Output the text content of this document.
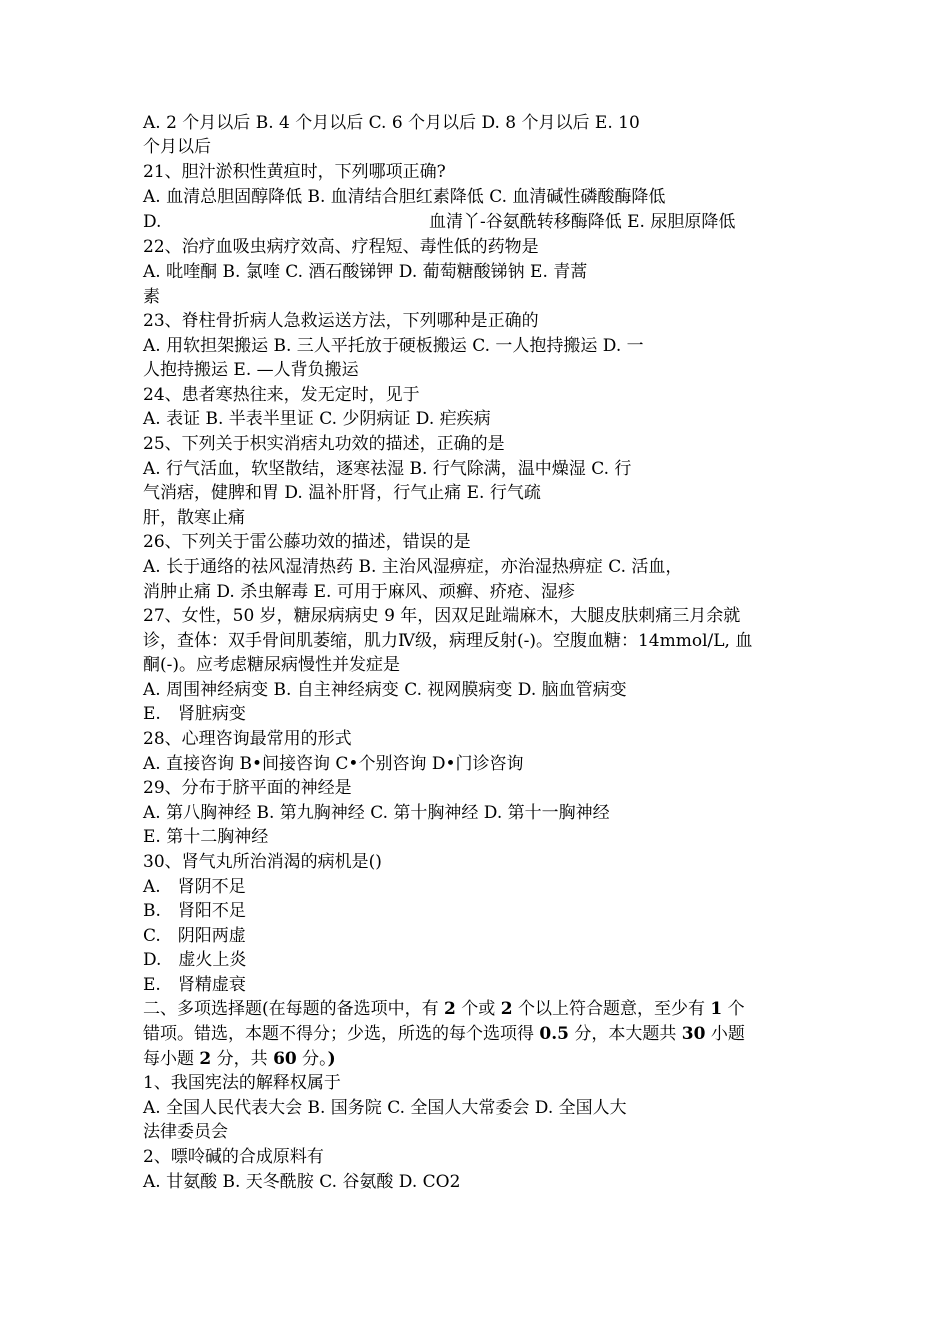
A. 2 个月以后 B. 4 个月以后 C. 6 个月以后 D. 8 个月以后 E. 10
个月以后
21、胆汁淤积性黄疸时，下列哪项正确?
A. 血清总胆固醇降低 B. 血清结合胆红素降低 C. 血清碱性磷酸酶降低
D.	血清丫-谷氨酰转移酶降低 E. 尿胆原降低
22、治疗血吸虫病疗效高、疗程短、毒性低的药物是
A. 吡喹酮 B. 氯喹 C. 酒石酸锑钾 D. 葡萄糖酸锑钠 E. 青蒿
素
23、脊柱骨折病人急救运送方法，下列哪种是正确的
A. 用软担架搬运 B. 三人平托放于硬板搬运 C. 一人抱持搬运 D. 一
人抱持搬运 E. —人背负搬运
24、患者寒热往来，发无定时，见于
A. 表证 B. 半表半里证 C. 少阴病证 D. 疟疾病
25、下列关于枳实消痞丸功效的描述，正确的是
A. 行气活血，软坚散结，逐寒祛湿 B. 行气除满，温中燥湿 C. 行
气消痞，健脾和胃 D. 温补肝肾，行气止痛 E. 行气疏
肝，散寒止痛
26、下列关于雷公藤功效的描述，错误的是
A. 长于通络的祛风湿清热药 B. 主治风湿痹症，亦治湿热痹症 C. 活血，
消肿止痛 D. 杀虫解毒 E. 可用于麻风、顽癣、疥疮、湿疹
27、女性，50 岁，糖尿病病史 9 年，因双足趾端麻木，大腿皮肤刺痛三月余就
诊，查体：双手骨间肌萎缩，肌力Ⅳ级，病理反射(-)。空腹血糖：14mmol/L, 血
酮(-)。应考虑糖尿病慢性并发症是
A. 周围神经病变 B. 自主神经病变 C. 视网膜病变 D. 脑血管病变
E.　肾脏病变
28、心理咨询最常用的形式
A. 直接咨询 B•间接咨询 C•个别咨询 D•门诊咨询
29、分布于脐平面的神经是
A. 第八胸神经 B. 第九胸神经 C. 第十胸神经 D. 第十一胸神经
E. 第十二胸神经
30、肾气丸所治消渴的病机是()
A.　肾阴不足
B.　肾阳不足
C.　阴阳两虚
D.　虚火上炎
E.　肾精虚衰
二、多项选择题(在每题的备选项中，有 2 个或 2 个以上符合题意，至少有 1 个
错项。错选，本题不得分；少选，所选的每个选项得 0.5 分，本大题共 30 小题
每小题 2 分，共 60 分。)
1、我国宪法的解释权属于
A. 全国人民代表大会 B. 国务院 C. 全国人大常委会 D. 全国人大
法律委员会
2、嘌呤碱的合成原料有
A. 甘氨酸 B. 天冬酰胺 C. 谷氨酸 D. CO2
